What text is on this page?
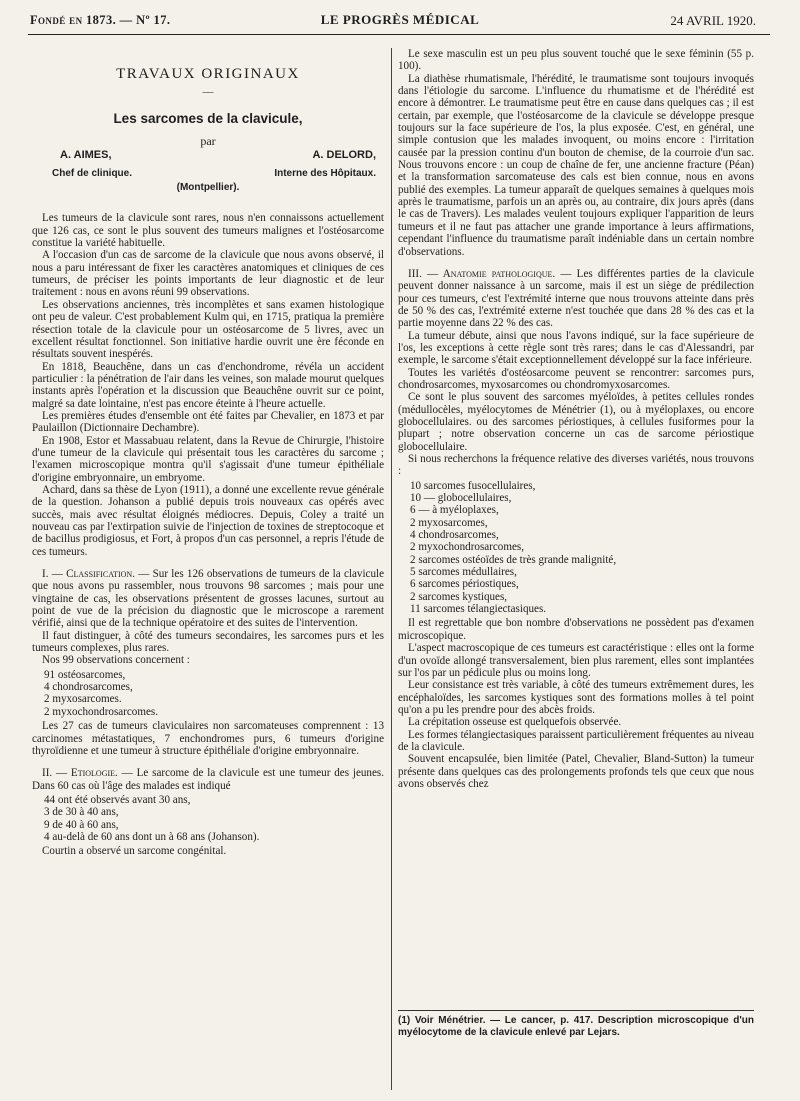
Fondé en 1873. — Nº 17.	LE PROGRÈS MÉDICAL	24 AVRIL 1920.
TRAVAUX ORIGINAUX
—
Les sarcomes de la clavicule,
par
A. AIMES,	A. DELORD,
Chef de clinique.	Interne des Hôpitaux.
(Montpellier).

Les tumeurs de la clavicule sont rares, nous n'en connaissons actuellement que 126 cas, ce sont le plus souvent des tumeurs malignes et l'ostéosarcome constitue la variété habituelle.

A l'occasion d'un cas de sarcome de la clavicule que nous avons observé, il nous a paru intéressant de fixer les caractères anatomiques et cliniques de ces tumeurs, de préciser les points importants de leur diagnostic et de leur traitement : nous en avons réuni 99 observations.

Les observations anciennes, très incomplètes et sans examen histologique ont peu de valeur. C'est probablement Kulm qui, en 1715, pratiqua la première résection totale de la clavicule pour un ostéosarcome de 5 livres, avec un excellent résultat fonctionnel. Son initiative hardie ouvrit une ère féconde en résultats souvent inespérés.

En 1818, Beauchêne, dans un cas d'enchondrome, révéla un accident particulier : la pénétration de l'air dans les veines, son malade mourut quelques instants après l'opération et la discussion que Beauchêne ouvrit sur ce point, malgré sa date lointaine, n'est pas encore éteinte à l'heure actuelle.

Les premières études d'ensemble ont été faites par Chevalier, en 1873 et par Paulaillon (Dictionnaire Dechambre).

En 1908, Estor et Massabuau relatent, dans la Revue de Chirurgie, l'histoire d'une tumeur de la clavicule qui présentait tous les caractères du sarcome ; l'examen microscopique montra qu'il s'agissait d'une tumeur épithéliale d'origine embryonnaire, un embryome.

Achard, dans sa thèse de Lyon (1911), a donné une excellente revue générale de la question. Johanson a publié depuis trois nouveaux cas opérés avec succès, mais avec résultat éloignés médiocres. Depuis, Coley a traité un nouveau cas par l'extirpation suivie de l'injection de toxines de streptocoque et de bacillus prodigiosus, et Fort, à propos d'un cas personnel, a repris l'étude de ces tumeurs.

I. — Classification. — Sur les 126 observations de tumeurs de la clavicule que nous avons pu rassembler, nous trouvons 98 sarcomes ; mais pour une vingtaine de cas, les observations présentent de grosses lacunes, surtout au point de vue de la précision du diagnostic que le microscope a rarement vérifié, ainsi que de la technique opératoire et des suites de l'intervention.

Il faut distinguer, à côté des tumeurs secondaires, les sarcomes purs et les tumeurs complexes, plus rares.

Nos 99 observations concernent :

91 ostéosarcomes,
4 chondrosarcomes,
2 myxosarcomes.
2 myxochondrosarcomes.

Les 27 cas de tumeurs claviculaires non sarcomateuses comprennent : 13 carcinomes métastatiques, 7 enchondromes purs, 6 tumeurs d'origine thyroïdienne et une tumeur à structure épithéliale d'origine embryonnaire.

II. — Etiologie. — Le sarcome de la clavicule est une tumeur des jeunes. Dans 60 cas où l'âge des malades est indiqué

44 ont été observés avant 30 ans,
3 de 30 à 40 ans,
9 de 40 à 60 ans,
4 au-delà de 60 ans dont un à 68 ans (Johanson).

Courtin a observé un sarcome congénital.

Le sexe masculin est un peu plus souvent touché que le sexe féminin (55 p. 100).

La diathèse rhumatismale, l'hérédité, le traumatisme sont toujours invoqués dans l'étiologie du sarcome. L'influence du rhumatisme et de l'hérédité est encore à démontrer. Le traumatisme peut être en cause dans quelques cas ; il est certain, par exemple, que l'ostéosarcome de la clavicule se développe presque toujours sur la face supérieure de l'os, la plus exposée. C'est, en général, une simple contusion que les malades invoquent, ou moins encore : l'irritation causée par la pression continu d'un bouton de chemise, de la courroie d'un sac. Nous trouvons encore : un coup de chaîne de fer, une ancienne fracture (Péan) et la transformation sarcomateuse des cals est bien connue, nous en avons publié des exemples. La tumeur apparaît de quelques semaines à quelques mois après le traumatisme, parfois un an après ou, au contraire, dix jours après (dans le cas de Travers). Les malades veulent toujours expliquer l'apparition de leurs tumeurs et il ne faut pas attacher une grande importance à leurs affirmations, cependant l'influence du traumatisme paraît indéniable dans un certain nombre d'observations.

III. — Anatomie pathologique. — Les différentes parties de la clavicule peuvent donner naissance à un sarcome, mais il est un siège de prédilection pour ces tumeurs, c'est l'extrémité interne que nous trouvons atteinte dans près de 50 % des cas, l'extrémité externe n'est touchée que dans 28 % des cas et la partie moyenne dans 22 % des cas.

La tumeur débute, ainsi que nous l'avons indiqué, sur la face supérieure de l'os, les exceptions à cette règle sont très rares; dans le cas d'Alessandri, par exemple, le sarcome s'était exceptionnellement développé sur la face inférieure.

Toutes les variétés d'ostéosarcome peuvent se rencontrer: sarcomes purs, chondrosarcomes, myxosarcomes ou chondromyxosarcomes.

Ce sont le plus souvent des sarcomes myéloïdes, à petites cellules rondes (médullocèles, myélocytomes de Ménétrier (1), ou à myéloplaxes, ou encore globocellulaires. ou des sarcomes périostiques, à cellules fusiformes pour la plupart ; notre observation concerne un cas de sarcome périostique globocellulaire.

Si nous recherchons la fréquence relative des diverses variétés, nous trouvons :

10 sarcomes fusocellulaires,
10 — globocellulaires,
6 — à myéloplaxes,
2 myxosarcomes,
4 chondrosarcomes,
2 myxochondrosarcomes,
2 sarcomes ostéoïdes de très grande malignité,
5 sarcomes médullaires,
6 sarcomes périostiques,
2 sarcomes kystiques,
11 sarcomes télangiectasiques.

Il est regrettable que bon nombre d'observations ne possèdent pas d'examen microscopique.

L'aspect macroscopique de ces tumeurs est caractéristique : elles ont la forme d'un ovoïde allongé transversalement, bien plus rarement, elles sont implantées sur l'os par un pédicule plus ou moins long.

Leur consistance est très variable, à côté des tumeurs extrêmement dures, les encéphaloïdes, les sarcomes kystiques sont des formations molles à tel point qu'on a pu les prendre pour des abcès froids.

La crépitation osseuse est quelquefois observée.

Les formes télangiectasiques paraissent particulièrement fréquentes au niveau de la clavicule.

Souvent encapsulée, bien limitée (Patel, Chevalier, Bland-Sutton) la tumeur présente dans quelques cas des prolongements profonds tels que ceux que nous avons observés chez

(1) Voir Ménétrier. — Le cancer, p. 417. Description microscopique d'un myélocytome de la clavicule enlevé par Lejars.
